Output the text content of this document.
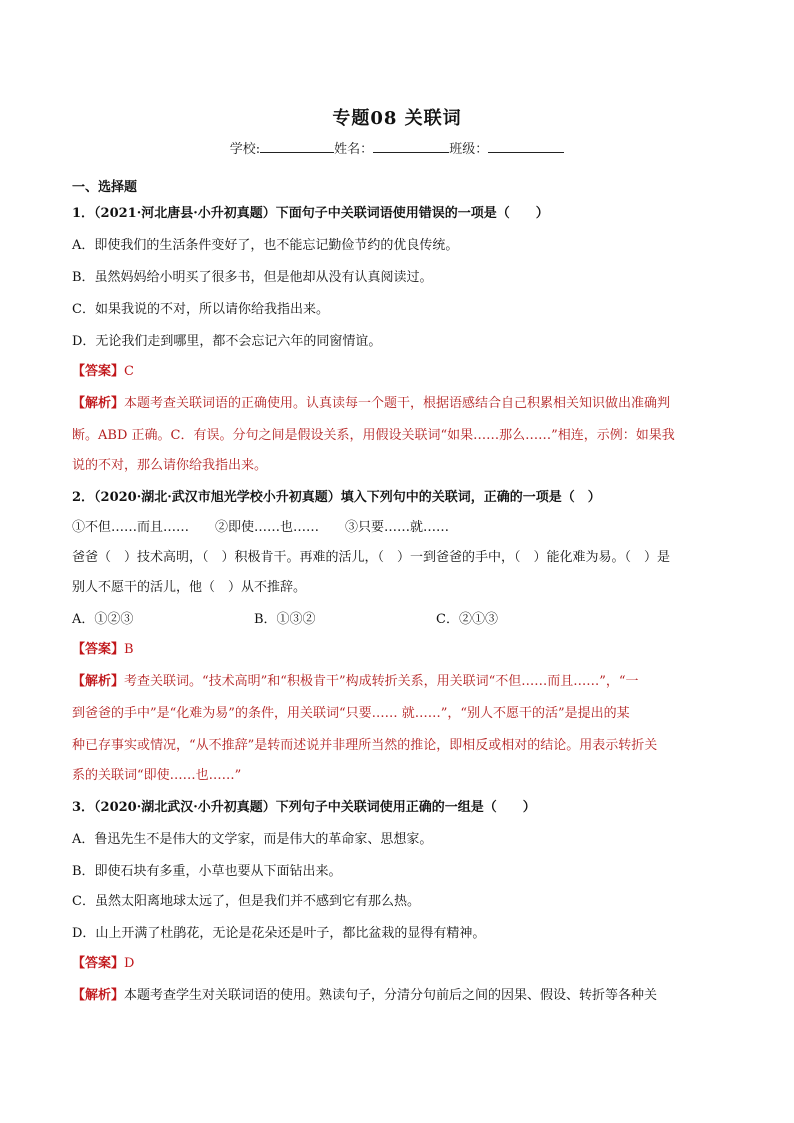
专题08 关联词
学校:	姓名：	班级：
一、选择题
1．（2021·河北唐县·小升初真题）下面句子中关联词语使用错误的一项是（　　）
A．即使我们的生活条件变好了，也不能忘记勤俭节约的优良传统。
B．虽然妈妈给小明买了很多书，但是他却从没有认真阅读过。
C．如果我说的不对，所以请你给我指出来。
D．无论我们走到哪里，都不会忘记六年的同窗情谊。
【答案】C
【解析】本题考查关联词语的正确使用。认真读每一个题干，根据语感结合自己积累相关知识做出准确判
断。ABD 正确。C．有误。分句之间是假设关系，用假设关联词“如果……那么……”相连，示例：如果我
说的不对，那么请你给我指出来。
2．（2020·湖北·武汉市旭光学校小升初真题）填入下列句中的关联词，正确的一项是（　）
①不但……而且……　　②即使……也……　　③只要……就……
爸爸（　）技术高明，（　）积极肯干。再难的活儿，（　）一到爸爸的手中，（　）能化难为易。（　）是
别人不愿干的活儿，他（　）从不推辞。
A．①②③	B．①③②	C．②①③
【答案】B
【解析】考查关联词。“技术高明”和“积极肯干”构成转折关系，用关联词“不但……而且……”，“一
到爸爸的手中”是“化难为易”的条件，用关联词“只要…… 就……”，“别人不愿干的活”是提出的某
种已存事实或情况，“从不推辞”是转而述说并非理所当然的推论，即相反或相对的结论。用表示转折关
系的关联词“即使……也……”
3．（2020·湖北武汉·小升初真题）下列句子中关联词使用正确的一组是（　　）
A．鲁迅先生不是伟大的文学家，而是伟大的革命家、思想家。
B．即使石块有多重，小草也要从下面钻出来。
C．虽然太阳离地球太远了，但是我们并不感到它有那么热。
D．山上开满了杜鹃花，无论是花朵还是叶子，都比盆栽的显得有精神。
【答案】D
【解析】本题考查学生对关联词语的使用。熟读句子，分清分句前后之间的因果、假设、转折等各种关
